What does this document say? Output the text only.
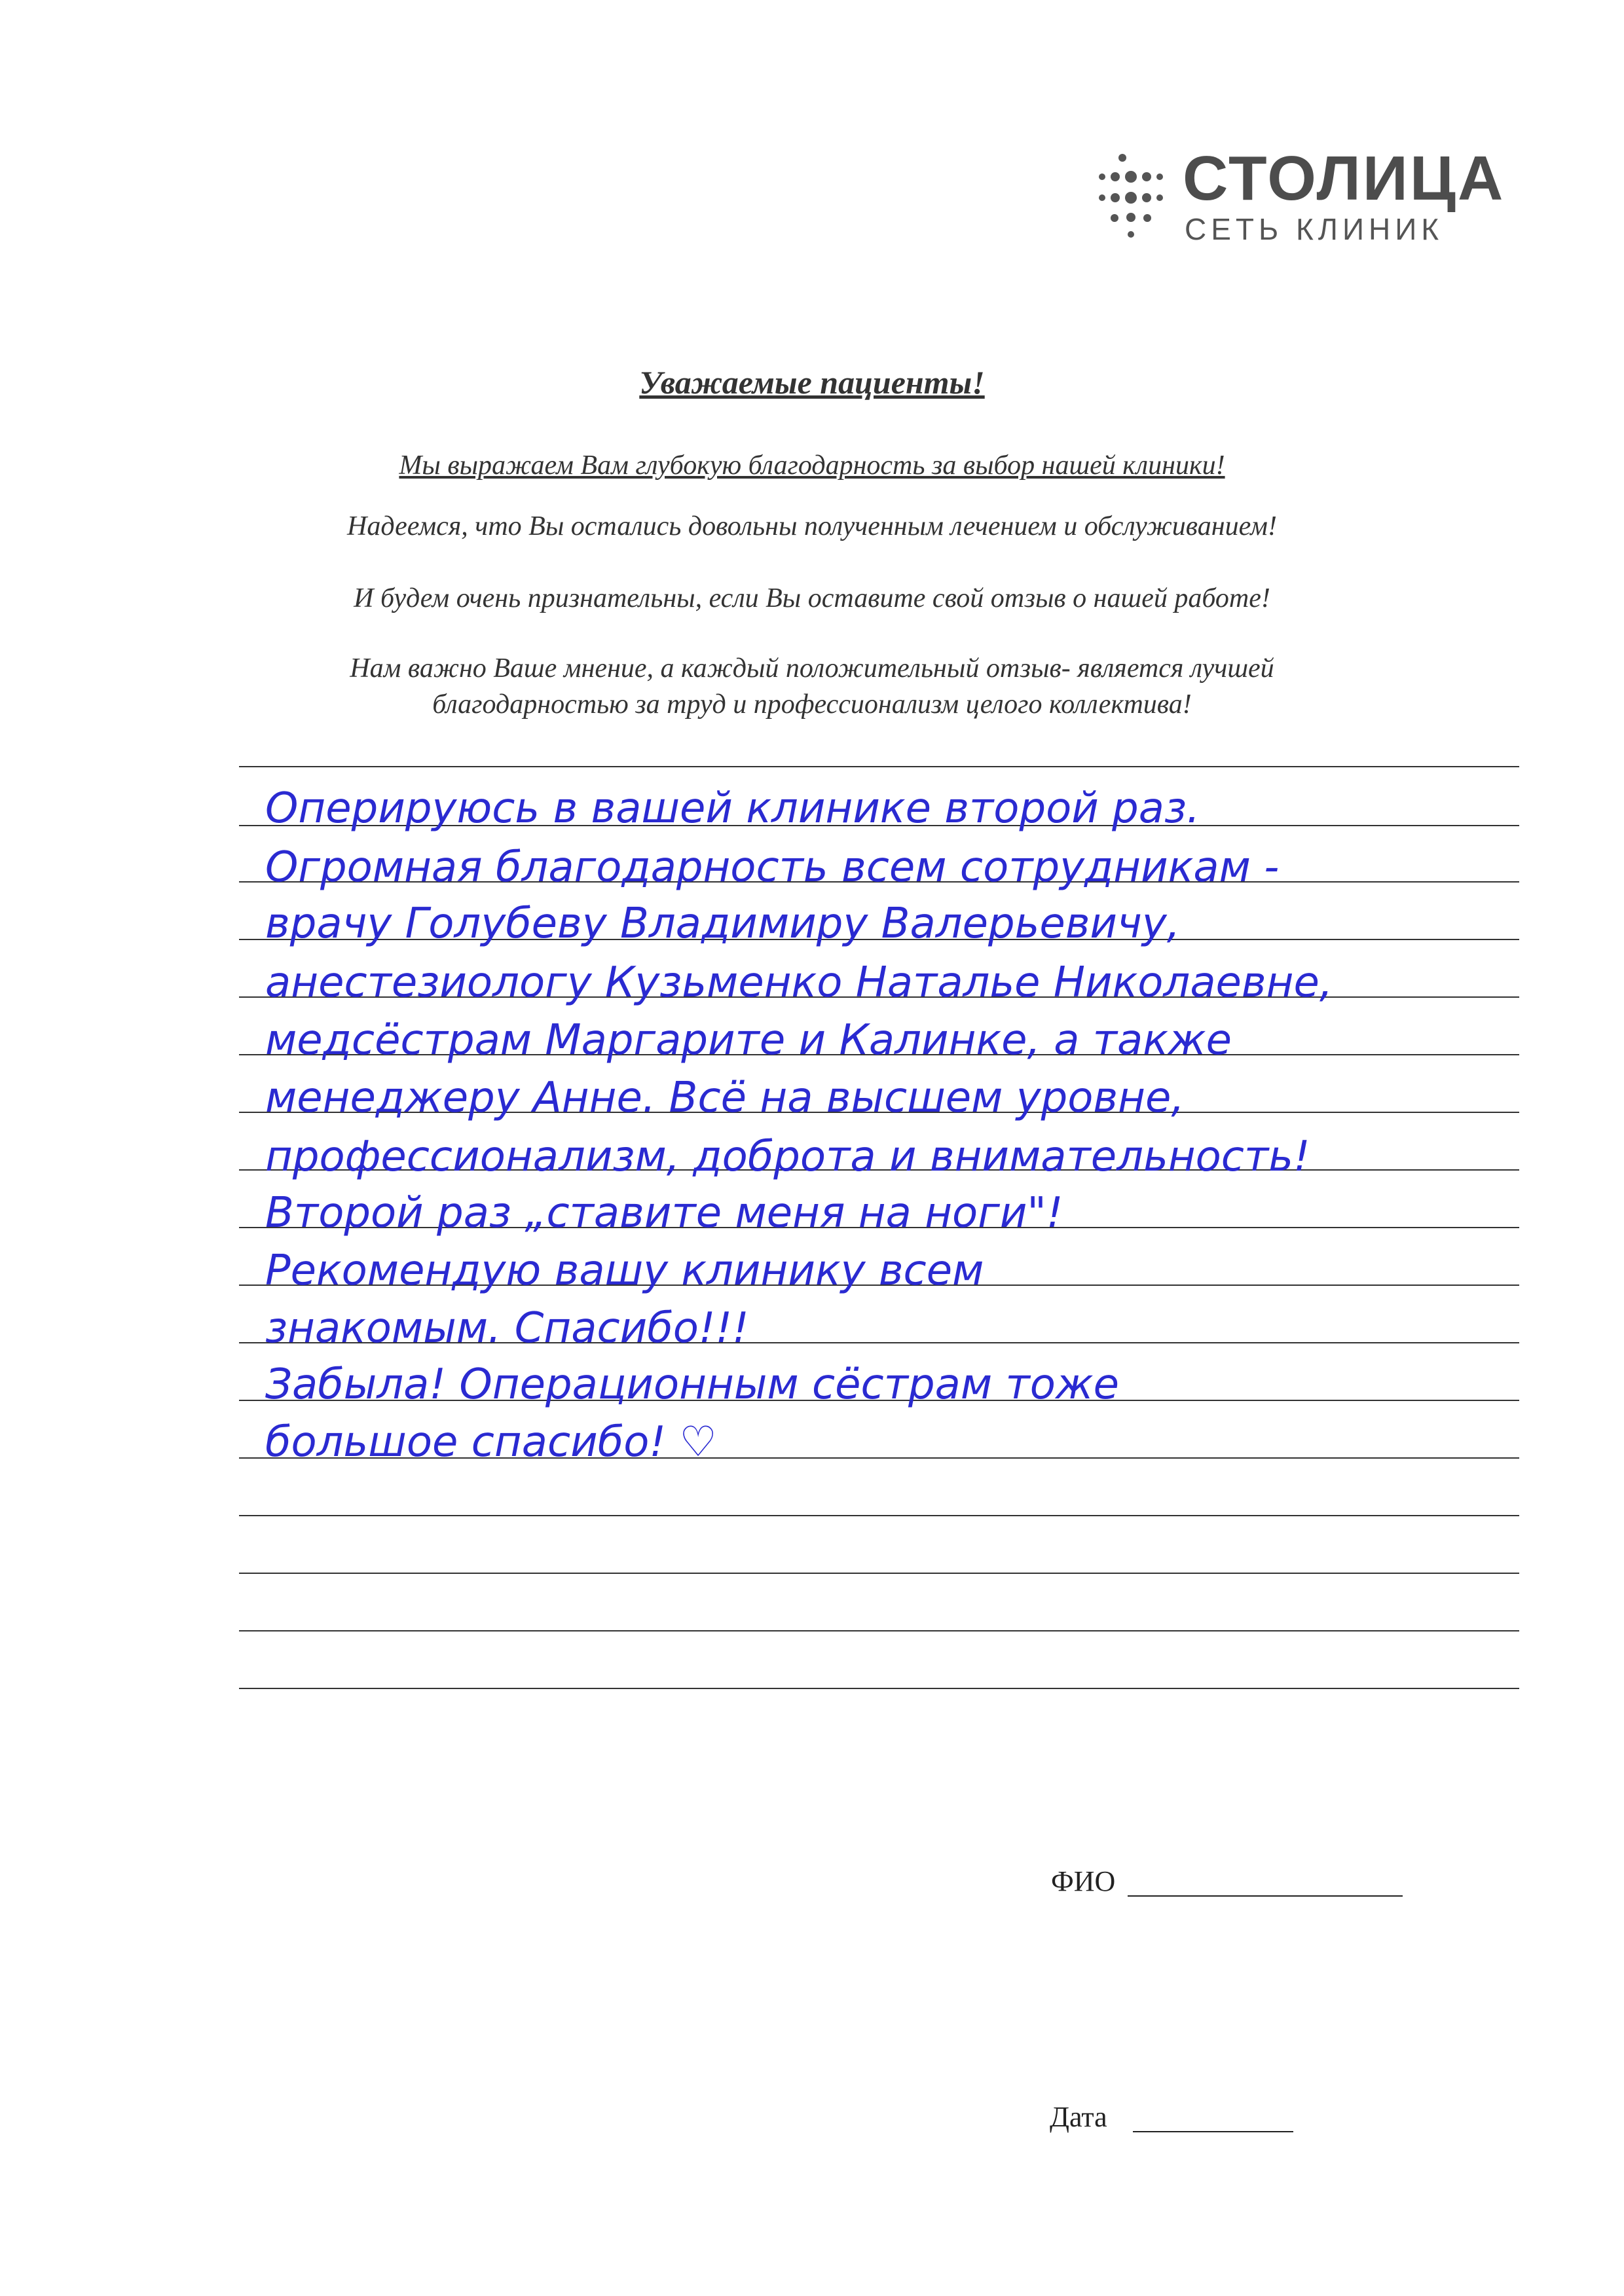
СТОЛИЦА
СЕТЬ КЛИНИК
Уважаемые пациенты!
Мы выражаем Вам глубокую благодарность за выбор нашей клиники!
Надеемся, что Вы остались довольны полученным лечением и обслуживанием!
И будем очень признательны, если Вы оставите свой отзыв о нашей работе!
Нам важно Ваше мнение, а каждый положительный отзыв- является лучшей
благодарностью за труд и профессионализм целого коллектива!
Оперируюсь в вашей клинике второй раз.
Огромная благодарность всем сотрудникам -
врачу Голубеву Владимиру Валерьевичу,
анестезиологу Кузьменко Наталье Николаевне,
медсёстрам Маргарите и Калинке, а также
менеджеру Анне. Всё на высшем уровне,
профессионализм, доброта и внимательность!
Второй раз „ставите меня на ноги"!
Рекомендую вашу клинику всем
знакомым. Спасибо!!!
Забыла! Операционным сёстрам тоже
большое спасибо! ♡
ФИО
Дата
